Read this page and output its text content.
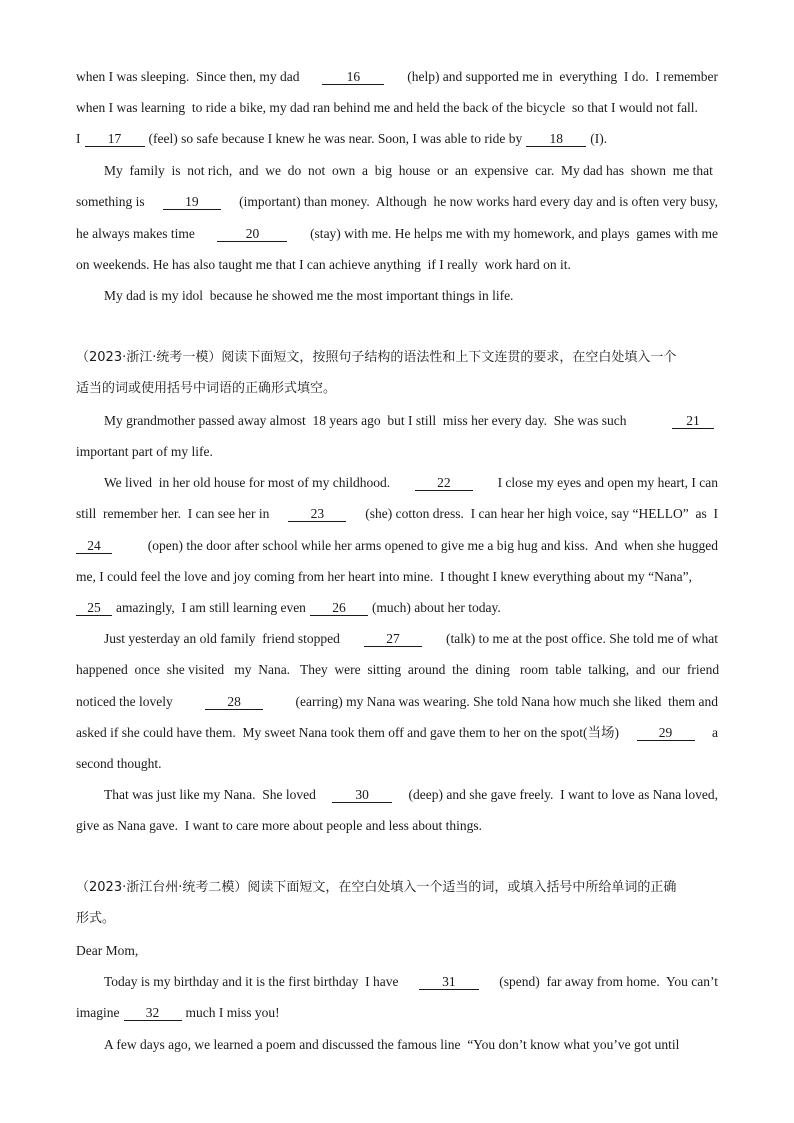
when I was sleeping.  Since then, my dad	16	(help) and supported me in  everything  I do.  I remember
when I was learning  to ride a bike, my dad ran behind me and held the back of the bicycle  so that I would not fall.
I	17	(feel) so safe because I knew he was near. Soon, I was able to ride by	18	(I).
My  family  is  not rich,  and  we  do  not  own  a  big  house  or  an  expensive  car.  My dad has  shown  me that
something is	19	(important) than money.  Although  he now works hard every day and is often very busy,
he always makes time	20	(stay) with me. He helps me with my homework, and plays  games with me
on weekends. He has also taught me that I can achieve anything  if I really  work hard on it.
My dad is my idol  because he showed me the most important things in life.
（2023·浙江·统考一模）阅读下面短文，按照句子结构的语法性和上下文连贯的要求，在空白处填入一个
适当的词或使用括号中词语的正确形式填空。
My grandmother passed away almost  18 years ago  but I still  miss her every day.  She was such	21
important part of my life.
We lived  in her old house for most of my childhood.	22	I close my eyes and open my heart, I can
still  remember her.  I can see her in	23	(she) cotton dress.  I can hear her high voice, say “HELLO”  as  I
24	(open) the door after school while her arms opened to give me a big hug and kiss.  And  when she hugged
me, I could feel the love and joy coming from her heart into mine.  I thought I knew everything about my “Nana”,
25	amazingly,  I am still learning even	26	(much) about her today.
Just yesterday an old family  friend stopped	27	(talk) to me at the post office. She told me of what
happened  once  she visited   my  Nana.   They  were  sitting  around  the  dining   room  table  talking,  and  our  friend
noticed the lovely	28	(earring) my Nana was wearing. She told Nana how much she liked  them and
asked if she could have them.  My sweet Nana took them off and gave them to her on the spot(当场)	29	a
second thought.
That was just like my Nana.  She loved	30	(deep) and she gave freely.  I want to love as Nana loved,
give as Nana gave.  I want to care more about people and less about things.
（2023·浙江台州·统考二模）阅读下面短文，在空白处填入一个适当的词，或填入括号中所给单词的正确
形式。
Dear Mom,
Today is my birthday and it is the first birthday  I have	31	(spend)  far away from home.  You can’t
imagine	32	much I miss you!
A few days ago, we learned a poem and discussed the famous line  “You don’t know what you’ve got until
